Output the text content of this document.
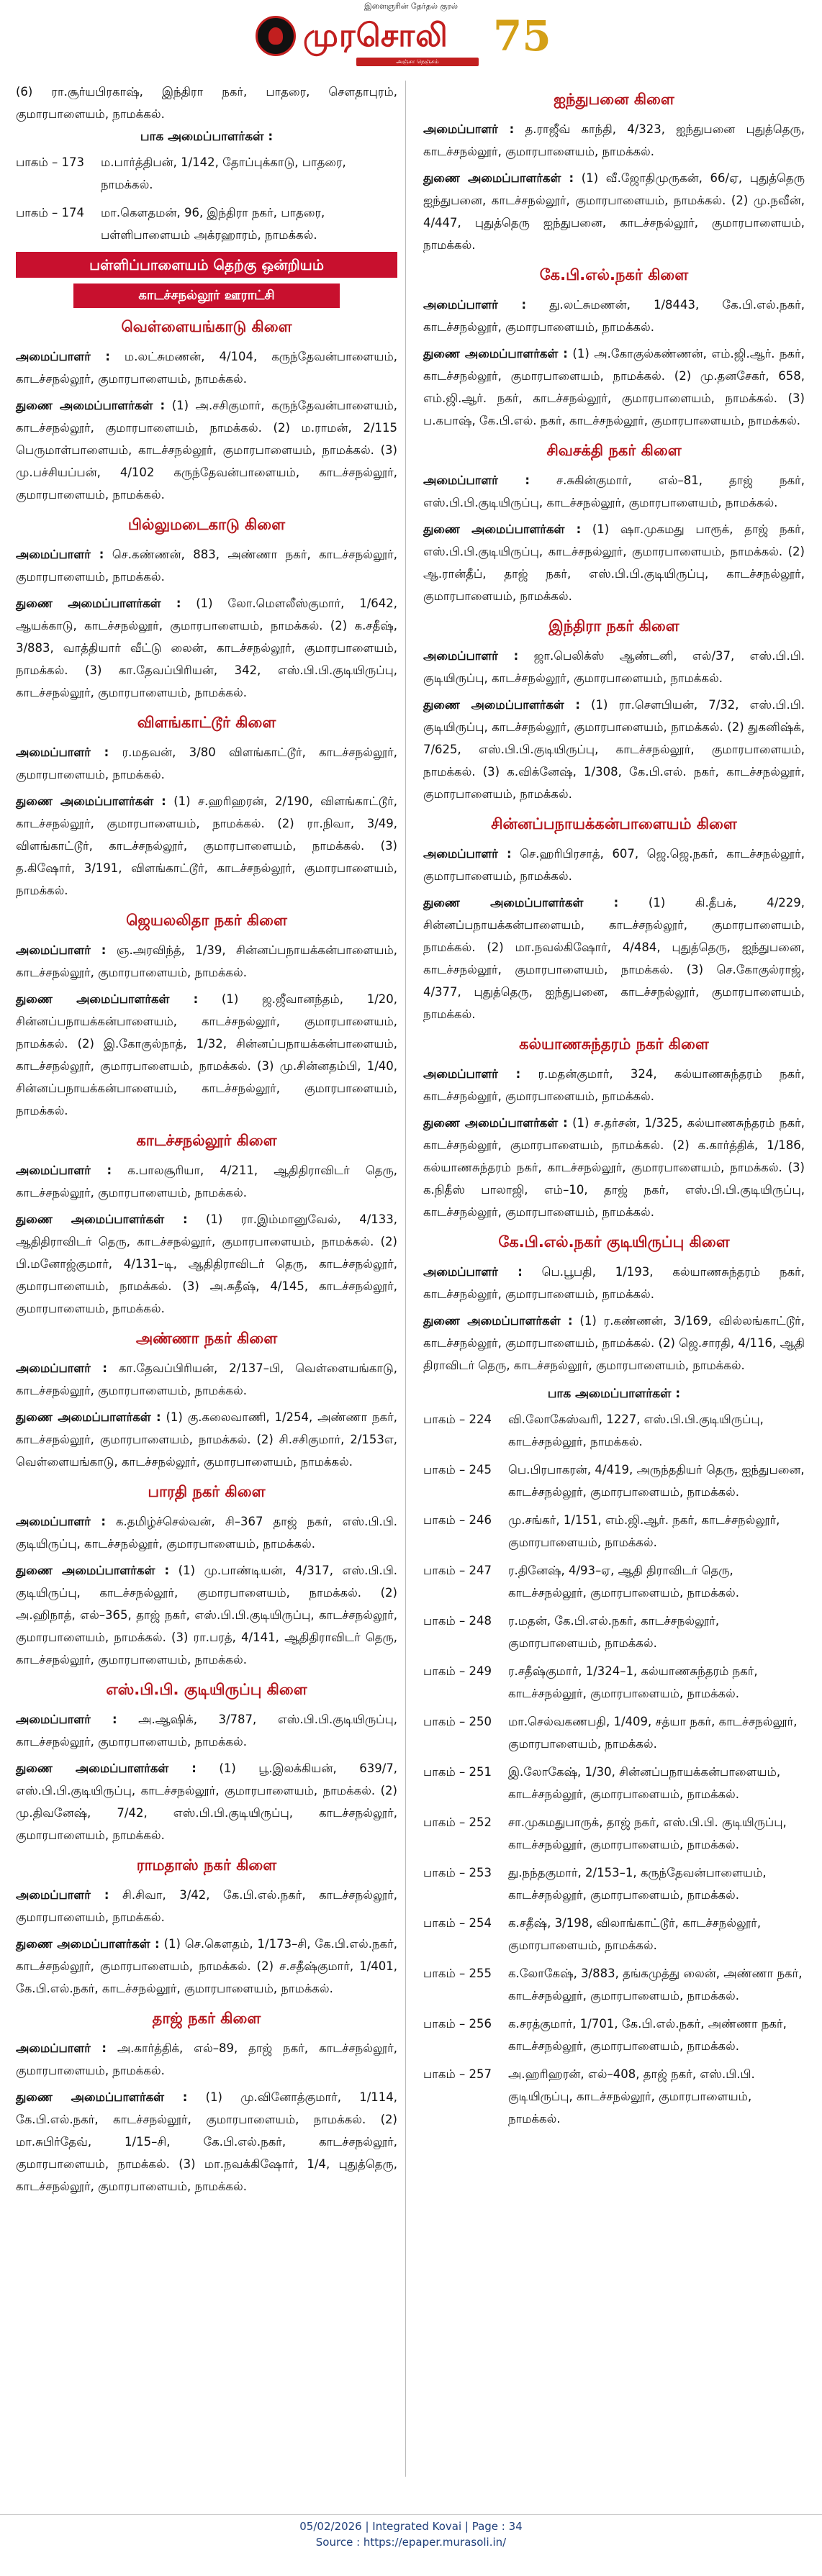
இளைஞரின் தேர்தல் குரல்
முரசொலி 75
அஞ்சா நெஞ்சம்

(6) ரா.சூர்யபிரகாஷ், இந்திரா நகர், பாதரை, சௌதாபுரம், குமாரபாளையம், நாமக்கல்.

பாக அமைப்பாளர்கள் :
பாகம் – 173	ம.பார்த்திபன், 1/142, தோப்புக்காடு, பாதரை, நாமக்கல்.
பாகம் – 174	மா.கௌதமன், 96, இந்திரா நகர், பாதரை, பள்ளிபாளையம் அக்ரஹாரம், நாமக்கல்.
பள்ளிப்பாளையம் தெற்கு ஒன்றியம்
காடச்சநல்லூர் ஊராட்சி
வெள்ளையங்காடு கிளை

அமைப்பாளர் : ம.லட்சுமணன், 4/104, கருந்தேவன்பாளையம், காடச்சநல்லூர், குமாரபாளையம், நாமக்கல்.

துணை அமைப்பாளர்கள் : (1) அ.சசிகுமார், கருந்தேவன்பாளையம், காடச்சநல்லூர், குமாரபாளையம், நாமக்கல். (2) ம.ராமன், 2/115 பெருமாள்பாளையம், காடச்சநல்லூர், குமாரபாளையம், நாமக்கல். (3) மு.பச்சியப்பன், 4/102 கருந்தேவன்பாளையம், காடச்சநல்லூர், குமாரபாளையம், நாமக்கல்.

பில்லுமடைகாடு கிளை

அமைப்பாளர் : செ.கண்ணன், 883, அண்ணா நகர், காடச்சநல்லூர், குமாரபாளையம், நாமக்கல்.

துணை அமைப்பாளர்கள் : (1) லோ.மெளலீஸ்குமார், 1/642, ஆயக்காடு, காடச்சநல்லூர், குமாரபாளையம், நாமக்கல். (2) க.சதீஷ், 3/883, வாத்தியார் வீட்டு லைன், காடச்சநல்லூர், குமாரபாளையம், நாமக்கல். (3) கா.தேவப்பிரியன், 342, எஸ்.பி.பி.குடியிருப்பு, காடச்சநல்லூர், குமாரபாளையம், நாமக்கல்.

விளங்காட்டூர் கிளை

அமைப்பாளர் : ர.மதவன், 3/80 விளங்காட்டூர், காடச்சநல்லூர், குமாரபாளையம், நாமக்கல்.

துணை அமைப்பாளர்கள் : (1) ச.ஹரிஹரன், 2/190, விளங்காட்டூர், காடச்சநல்லூர், குமாரபாளையம், நாமக்கல். (2) ரா.நிவா, 3/49, விளங்காட்டூர், காடச்சநல்லூர், குமாரபாளையம், நாமக்கல். (3) த.கிஷோர், 3/191, விளங்காட்டூர், காடச்சநல்லூர், குமாரபாளையம், நாமக்கல்.

ஜெயலலிதா நகர் கிளை

அமைப்பாளர் : ஞ.அரவிந்த், 1/39, சின்னப்பநாயக்கன்பாளையம், காடச்சநல்லூர், குமாரபாளையம், நாமக்கல்.

துணை அமைப்பாளர்கள் : (1) ஜ.ஜீவானந்தம், 1/20, சின்னப்பநாயக்கன்பாளையம், காடச்சநல்லூர், குமாரபாளையம், நாமக்கல். (2) இ.கோகுல்நாத், 1/32, சின்னப்பநாயக்கன்பாளையம், காடச்சநல்லூர், குமாரபாளையம், நாமக்கல். (3) மு.சின்னதம்பி, 1/40, சின்னப்பநாயக்கன்பாளையம், காடச்சநல்லூர், குமாரபாளையம், நாமக்கல்.

காடச்சநல்லூர் கிளை

அமைப்பாளர் : க.பாலசூரியா, 4/211, ஆதிதிராவிடர் தெரு, காடச்சநல்லூர், குமாரபாளையம், நாமக்கல்.

துணை அமைப்பாளர்கள் : (1) ரா.இம்மானுவேல், 4/133, ஆதிதிராவிடர் தெரு, காடச்சநல்லூர், குமாரபாளையம், நாமக்கல். (2) பி.மனோஜ்குமார், 4/131–டி, ஆதிதிராவிடர் தெரு, காடச்சநல்லூர், குமாரபாளையம், நாமக்கல். (3) அ.சுதீஷ், 4/145, காடச்சநல்லூர், குமாரபாளையம், நாமக்கல்.

அண்ணா நகர் கிளை

அமைப்பாளர் : கா.தேவப்பிரியன், 2/137–பி, வெள்ளையங்காடு, காடச்சநல்லூர், குமாரபாளையம், நாமக்கல்.

துணை அமைப்பாளர்கள் : (1) கு.கலைவாணி, 1/254, அண்ணா நகர், காடச்சநல்லூர், குமாரபாளையம், நாமக்கல். (2) சி.சசிகுமார், 2/153எ, வெள்ளையங்காடு, காடச்சநல்லூர், குமாரபாளையம், நாமக்கல்.

பாரதி நகர் கிளை

அமைப்பாளர் : க.தமிழ்ச்செல்வன், சி–367 தாஜ் நகர், எஸ்.பி.பி. குடியிருப்பு, காடச்சநல்லூர், குமாரபாளையம், நாமக்கல்.

துணை அமைப்பாளர்கள் : (1) மு.பாண்டியன், 4/317, எஸ்.பி.பி. குடியிருப்பு, காடச்சநல்லூர், குமாரபாளையம், நாமக்கல். (2) அ.ஹிநாத், எல்–365, தாஜ் நகர், எஸ்.பி.பி.குடியிருப்பு, காடச்சநல்லூர், குமாரபாளையம், நாமக்கல். (3) ரா.பரத், 4/141, ஆதிதிராவிடர் தெரு, காடச்சநல்லூர், குமாரபாளையம், நாமக்கல்.

எஸ்.பி.பி. குடியிருப்பு கிளை

அமைப்பாளர் : அ.ஆஷிக், 3/787, எஸ்.பி.பி.குடியிருப்பு, காடச்சநல்லூர், குமாரபாளையம், நாமக்கல்.

துணை அமைப்பாளர்கள் : (1) பூ.இலக்கியன், 639/7, எஸ்.பி.பி.குடியிருப்பு, காடச்சநல்லூர், குமாரபாளையம், நாமக்கல். (2) மு.திவனேஷ், 7/42, எஸ்.பி.பி.குடியிருப்பு, காடச்சநல்லூர், குமாரபாளையம், நாமக்கல்.

ராமதாஸ் நகர் கிளை

அமைப்பாளர் : சி.சிவா, 3/42, கே.பி.எல்.நகர், காடச்சநல்லூர், குமாரபாளையம், நாமக்கல்.

துணை அமைப்பாளர்கள் : (1) செ.கௌதம், 1/173–சி, கே.பி.எல்.நகர், காடச்சநல்லூர், குமாரபாளையம், நாமக்கல். (2) ச.சதீஷ்குமார், 1/401, கே.பி.எல்.நகர், காடச்சநல்லூர், குமாரபாளையம், நாமக்கல்.

தாஜ் நகர் கிளை

அமைப்பாளர் : அ.கார்த்திக், எல்–89, தாஜ் நகர், காடச்சநல்லூர், குமாரபாளையம், நாமக்கல்.

துணை அமைப்பாளர்கள் : (1) மு.வினோத்குமார், 1/114, கே.பி.எல்.நகர், காடச்சநல்லூர், குமாரபாளையம், நாமக்கல். (2) மா.சுபிர்தேவ், 1/15–சி, கே.பி.எல்.நகர், காடச்சநல்லூர், குமாரபாளையம், நாமக்கல். (3) மா.நவக்கிஷோர், 1/4, புதுத்தெரு, காடச்சநல்லூர், குமாரபாளையம், நாமக்கல்.

ஐந்துபனை கிளை

அமைப்பாளர் : த.ராஜீவ் காந்தி, 4/323, ஐந்துபனை புதுத்தெரு, காடச்சநல்லூர், குமாரபாளையம், நாமக்கல்.

துணை அமைப்பாளர்கள் : (1) வீ.ஜோதிமுருகன், 66/ஏ, புதுத்தெரு ஐந்துபனை, காடச்சநல்லூர், குமாரபாளையம், நாமக்கல். (2) மு.நவீன், 4/447, புதுத்தெரு ஐந்துபனை, காடச்சநல்லூர், குமாரபாளையம், நாமக்கல்.

கே.பி.எல்.நகர் கிளை

அமைப்பாளர் : து.லட்சுமணன், 1/8443, கே.பி.எல்.நகர், காடச்சநல்லூர், குமாரபாளையம், நாமக்கல்.

துணை அமைப்பாளர்கள் : (1) அ.கோகுல்கண்ணன், எம்.ஜி.ஆர். நகர், காடச்சநல்லூர், குமாரபாளையம், நாமக்கல். (2) மு.தனசேகர், 658, எம்.ஜி.ஆர். நகர், காடச்சநல்லூர், குமாரபாளையம், நாமக்கல். (3) ப.கபாஷ், கே.பி.எல். நகர், காடச்சநல்லூர், குமாரபாளையம், நாமக்கல்.

சிவசக்தி நகர் கிளை

அமைப்பாளர் : ச.சுகின்குமார், எல்–81, தாஜ் நகர், எஸ்.பி.பி.குடியிருப்பு, காடச்சநல்லூர், குமாரபாளையம், நாமக்கல்.

துணை அமைப்பாளர்கள் : (1) ஷா.முகமது பாரூக், தாஜ் நகர், எஸ்.பி.பி.குடியிருப்பு, காடச்சநல்லூர், குமாரபாளையம், நாமக்கல். (2) ஆ.ரான்தீப், தாஜ் நகர், எஸ்.பி.பி.குடியிருப்பு, காடச்சநல்லூர், குமாரபாளையம், நாமக்கல்.

இந்திரா நகர் கிளை

அமைப்பாளர் : ஜா.பெலிக்ஸ் ஆண்டனி, எல்/37, எஸ்.பி.பி. குடியிருப்பு, காடச்சநல்லூர், குமாரபாளையம், நாமக்கல்.

துணை அமைப்பாளர்கள் : (1) ரா.செளபியன், 7/32, எஸ்.பி.பி. குடியிருப்பு, காடச்சநல்லூர், குமாரபாளையம், நாமக்கல். (2) துகனிஷ்க், 7/625, எஸ்.பி.பி.குடியிருப்பு, காடச்சநல்லூர், குமாரபாளையம், நாமக்கல். (3) க.விக்னேஷ், 1/308, கே.பி.எல். நகர், காடச்சநல்லூர், குமாரபாளையம், நாமக்கல்.

சின்னப்பநாயக்கன்பாளையம் கிளை

அமைப்பாளர் : செ.ஹரிபிரசாத், 607, ஜெ.ஜெ.நகர், காடச்சநல்லூர், குமாரபாளையம், நாமக்கல்.

துணை அமைப்பாளர்கள் :	(1) கி.தீபக், 4/229, சின்னப்பநாயக்கன்பாளையம், காடச்சநல்லூர், குமாரபாளையம், நாமக்கல். (2) மா.நவல்கிஷோர், 4/484, புதுத்தெரு, ஐந்துபனை, காடச்சநல்லூர், குமாரபாளையம், நாமக்கல். (3) செ.கோகுல்ராஜ், 4/377, புதுத்தெரு, ஐந்துபனை, காடச்சநல்லூர், குமாரபாளையம், நாமக்கல்.

கல்யாணசுந்தரம் நகர் கிளை

அமைப்பாளர் : ர.மதன்குமார், 324, கல்யாணசுந்தரம் நகர், காடச்சநல்லூர், குமாரபாளையம், நாமக்கல்.

துணை அமைப்பாளர்கள் : (1) ச.தர்சன், 1/325, கல்யாணசுந்தரம் நகர், காடச்சநல்லூர், குமாரபாளையம், நாமக்கல். (2) க.கார்த்திக், 1/186, கல்யாணசுந்தரம் நகர், காடச்சநல்லூர், குமாரபாளையம், நாமக்கல். (3) க.நிதீஸ் பாலாஜி, எம்–10, தாஜ் நகர், எஸ்.பி.பி.குடியிருப்பு, காடச்சநல்லூர், குமாரபாளையம், நாமக்கல்.

கே.பி.எல்.நகர் குடியிருப்பு கிளை

அமைப்பாளர் : பெ.பூபதி, 1/193, கல்யாணசுந்தரம் நகர், காடச்சநல்லூர், குமாரபாளையம், நாமக்கல்.

துணை அமைப்பாளர்கள் : (1) ர.கண்ணன், 3/169, வில்லங்காட்டூர், காடச்சநல்லூர், குமாரபாளையம், நாமக்கல். (2) ஜெ.சாரதி, 4/116, ஆதி திராவிடர் தெரு, காடச்சநல்லூர், குமாரபாளையம், நாமக்கல்.

பாக அமைப்பாளர்கள் :
பாகம் – 224	வி.லோகேஸ்வரி, 1227, எஸ்.பி.பி.குடியிருப்பு, காடச்சநல்லூர், நாமக்கல்.
பாகம் – 245	பெ.பிரபாகரன், 4/419, அருந்ததியர் தெரு, ஐந்துபனை, காடச்சநல்லூர், குமாரபாளையம், நாமக்கல்.
பாகம் – 246	மு.சங்கர், 1/151, எம்.ஜி.ஆர். நகர், காடச்சநல்லூர், குமாரபாளையம், நாமக்கல்.
பாகம் – 247	ர.தினேஷ், 4/93–ஏ, ஆதி திராவிடர் தெரு, காடச்சநல்லூர், குமாரபாளையம், நாமக்கல்.
பாகம் – 248	ர.மதன், கே.பி.எல்.நகர், காடச்சநல்லூர், குமாரபாளையம், நாமக்கல்.
பாகம் – 249	ர.சதீஷ்குமார், 1/324–1, கல்யாணசுந்தரம் நகர், காடச்சநல்லூர், குமாரபாளையம், நாமக்கல்.
பாகம் – 250	மா.செல்வகணபதி, 1/409, சத்யா நகர், காடச்சநல்லூர், குமாரபாளையம், நாமக்கல்.
பாகம் – 251	இ.லோகேஷ், 1/30, சின்னப்பநாயக்கன்பாளையம், காடச்சநல்லூர், குமாரபாளையம், நாமக்கல்.
பாகம் – 252	சா.முகமதுபாருக், தாஜ் நகர், எஸ்.பி.பி. குடியிருப்பு, காடச்சநல்லூர், குமாரபாளையம், நாமக்கல்.
பாகம் – 253	து.நந்தகுமார், 2/153–1, கருந்தேவன்பாளையம், காடச்சநல்லூர், குமாரபாளையம், நாமக்கல்.
பாகம் – 254	க.சதீஷ், 3/198, விலாங்காட்டூர், காடச்சநல்லூர், குமாரபாளையம், நாமக்கல்.
பாகம் – 255	க.லோகேஷ், 3/883, தங்கமுத்து லைன், அண்ணா நகர், காடச்சநல்லூர், குமாரபாளையம், நாமக்கல்.
பாகம் – 256	க.சரத்குமார், 1/701, கே.பி.எல்.நகர், அண்ணா நகர், காடச்சநல்லூர், குமாரபாளையம், நாமக்கல்.
பாகம் – 257	அ.ஹரிஹரன், எல்–408, தாஜ் நகர், எஸ்.பி.பி. குடியிருப்பு, காடச்சநல்லூர், குமாரபாளையம், நாமக்கல்.
05/02/2026 | Integrated Kovai | Page : 34
Source : https://epaper.murasoli.in/
